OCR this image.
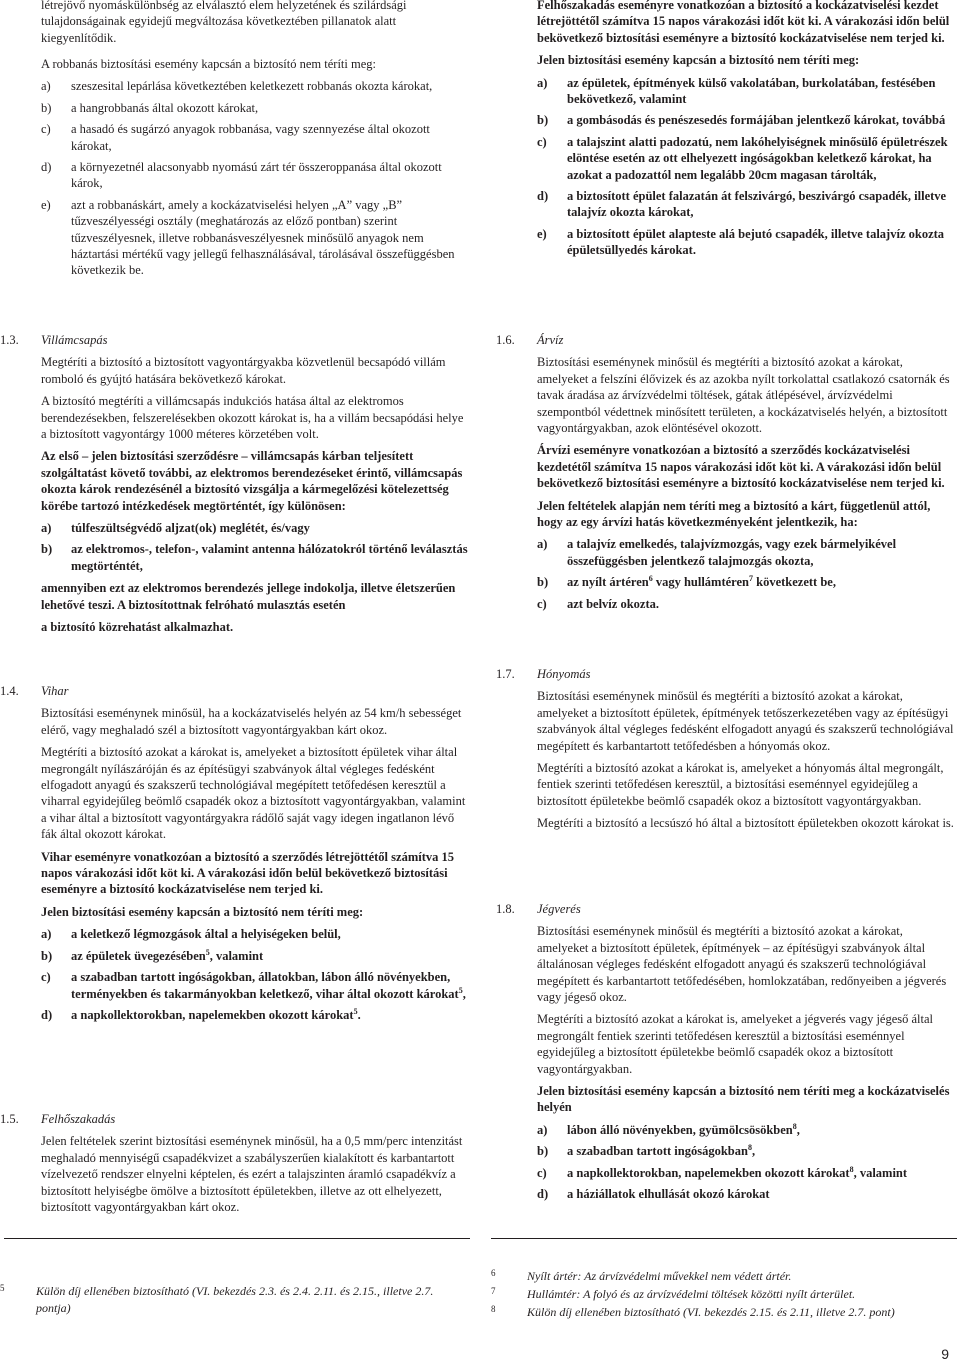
létrejövő nyomáskülönbség az elválasztó elem helyzetének és szilárdsági
tulajdonságainak egyidejű megváltozása következtében pillanatok alatt
kiegyenlítődik.
A robbanás biztosítási esemény kapcsán a biztosító nem téríti meg:
a) szeszesital lepárlása következtében keletkezett robbanás okozta károkat,
b) a hangrobbanás által okozott károkat,
c) a hasadó és sugárzó anyagok robbanása, vagy szennyezése által okozott károkat,
d) a környezetnél alacsonyabb nyomású zárt tér összeroppanása által okozott károk,
e) azt a robbanáskárt, amely a kockázatviselési helyen „A” vagy „B” tűzveszélyességi osztály (meghatározás az előző pontban) szerint tűzveszélyesnek, illetve robbanásveszélyesnek minősülő anyagok nem háztartási mértékű vagy jellegű felhasználásával, tárolásával összefüggésben következik be.
1.3. Villámcsapás
Megtéríti a biztosító a biztosított vagyontárgyakba közvetlenül becsapódó villám romboló és gyújtó hatására bekövetkező károkat.
A biztosító megtéríti a villámcsapás indukciós hatása által az elektromos berendezésekben, felszerelésekben okozott károkat is, ha a villám becsapódási helye a biztosított vagyontárgy 1000 méteres körzetében volt.
Az első – jelen biztosítási szerződésre – villámcsapás kárban teljesített szolgáltatást követő további, az elektromos berendezéseket érintő, villámcsapás okozta károk rendezésénél a biztosító vizsgálja a kármegelőzési kötelezettség körébe tartozó intézkedések megtörténtét, így különösen:
a) túlfeszültségvédő aljzat(ok) meglétét, és/vagy
b) az elektromos-, telefon-, valamint antenna hálózatokról történő leválasztás megtörténtét,
amennyiben ezt az elektromos berendezés jellege indokolja, illetve életszerűen lehetővé teszi. A biztosítottnak felróható mulasztás esetén
a biztosító közrehatást alkalmazhat.
1.4. Vihar
Biztosítási eseménynek minősül, ha a kockázatviselés helyén az 54 km/h sebességet elérő, vagy meghaladó szél a biztosított vagyontárgyakban kárt okoz.
Megtéríti a biztosító azokat a károkat is, amelyeket a biztosított épületek vihar által megrongált nyílászáróján és az építésügyi szabványok által végleges fedésként elfogadott anyagú és szakszerű technológiával megépített tetőfedésen keresztül a viharral egyidejűleg beömlő csapadék okoz a biztosított vagyontárgyakban, valamint a vihar által a biztosított vagyontárgyakra rádőlő saját vagy idegen ingatlanon lévő fák által okozott károkat.
Vihar eseményre vonatkozóan a biztosító a szerződés létrejöttétől számítva 15 napos várakozási időt köt ki. A várakozási időn belül bekövetkező biztosítási eseményre a biztosító kockázatviselése nem terjed ki.
Jelen biztosítási esemény kapcsán a biztosító nem téríti meg:
a) a keletkező légmozgások által a helyiségeken belül,
b) az épületek üvegezésében$^5$, valamint
c) a szabadban tartott ingóságokban, állatokban, lábon álló növényekben, terményekben és takarmányokban keletkező, vihar által okozott károkat$^5$,
d) a napkollektorokban, napelemekben okozott károkat$^5$.
1.5. Felhőszakadás
Jelen feltételek szerint biztosítási eseménynek minősül, ha a 0,5 mm/perc intenzitást meghaladó mennyiségű csapadékvizet a szabályszerűen kialakított és karbantartott vízelvezető rendszer elnyelni képtelen, és ezért a talajszinten áramló csapadékvíz a biztosított helyiségbe ömölve a biztosított épületekben, illetve az ott elhelyezett, biztosított vagyontárgyakban kárt okoz.
Felhőszakadás eseményre vonatkozóan a biztosító a kockázatviselési kezdet létrejöttétől számítva 15 napos várakozási időt köt ki. A várakozási időn belül bekövetkező biztosítási eseményre a biztosító kockázatviselése nem terjed ki.
Jelen biztosítási esemény kapcsán a biztosító nem téríti meg:
a) az épületek, építmények külső vakolatában, burkolatában, festésében bekövetkező, valamint
b) a gombásodás és penészesedés formájában jelentkező károkat, továbbá
c) a talajszint alatti padozatú, nem lakóhelyiségnek minősülő épületrészek elöntése esetén az ott elhelyezett ingóságokban keletkező károkat, ha azokat a padozattól nem legalább 20cm magasan tárolták,
d) a biztosított épület falazatán át felszivárgó, beszivárgó csapadék, illetve talajvíz okozta károkat,
e) a biztosított épület alapteste alá bejutó csapadék, illetve talajvíz okozta épületsüllyedés károkat.
1.6. Árvíz
Biztosítási eseménynek minősül és megtéríti a biztosító azokat a károkat, amelyeket a felszíni élővizek és az azokba nyílt torkolattal csatlakozó csatornák és tavak áradása az árvízvédelmi töltések, gátak átlépésével, árvízvédelmi szempontból védettnek minősített területen, a kockázatviselés helyén, a biztosított vagyontárgyakban, azok elöntésével okozott.
Árvízi eseményre vonatkozóan a biztosító a szerződés kockázatviselési kezdetétől számítva 15 napos várakozási időt köt ki. A várakozási időn belül bekövetkező biztosítási eseményre a biztosító kockázatviselése nem terjed ki.
Jelen feltételek alapján nem téríti meg a biztosító a kárt, függetlenül attól, hogy az egy árvízi hatás következményeként jelentkezik, ha:
a) a talajvíz emelkedés, talajvízmozgás, vagy ezek bármelyikével összefüggésben jelentkező talajmozgás okozta,
b) az nyílt ártéren$^6$ vagy hullámtéren$^7$ következett be,
c) azt belvíz okozta.
1.7. Hónyomás
Biztosítási eseménynek minősül és megtéríti a biztosító azokat a károkat, amelyeket a biztosított épületek, építmények tetőszerkezetében vagy az építésügyi szabványok által végleges fedésként elfogadott anyagú és szakszerű technológiával megépített és karbantartott tetőfedésben a hónyomás okoz.
Megtéríti a biztosító azokat a károkat is, amelyeket a hónyomás által megrongált, fentiek szerinti tetőfedésen keresztül, a biztosítási eseménnyel egyidejűleg a biztosított épületekbe beömlő csapadék okoz a biztosított vagyontárgyakban.
Megtéríti a biztosító a lecsúszó hó által a biztosított épületekben okozott károkat is.
1.8. Jégverés
Biztosítási eseménynek minősül és megtéríti a biztosító azokat a károkat, amelyeket a biztosított épületek, építmények – az építésügyi szabványok által általánosan végleges fedésként elfogadott anyagú és szakszerű technológiával megépített és karbantartott tetőfedésében, homlokzatában, redőnyeiben a jégverés vagy jégeső okoz.
Megtéríti a biztosító azokat a károkat is, amelyeket a jégverés vagy jégeső által megrongált fentiek szerinti tetőfedésen keresztül a biztosítási eseménnyel egyidejűleg a biztosított épületekbe beömlő csapadék okoz a biztosított vagyontárgyakban.
Jelen biztosítási esemény kapcsán a biztosító nem téríti meg a kockázatviselés helyén
a) lábon álló növényekben, gyümölcsösökben$^8$,
b) a szabadban tartott ingóságokban$^8$,
c) a napkollektorokban, napelemekben okozott károkat$^8$, valamint
d) a háziállatok elhullását okozó károkat
5	Külön díj ellenében biztosítható (VI. bekezdés 2.3. és 2.4. 2.11. és 2.15., illetve 2.7. pontja)
6	Nyílt ártér: Az árvízvédelmi művekkel nem védett ártér.
7	Hullámtér: A folyó és az árvízvédelmi töltések közötti nyílt árterület.
8	Külön díj ellenében biztosítható (VI. bekezdés 2.15. és 2.11, illetve 2.7. pont)
9
